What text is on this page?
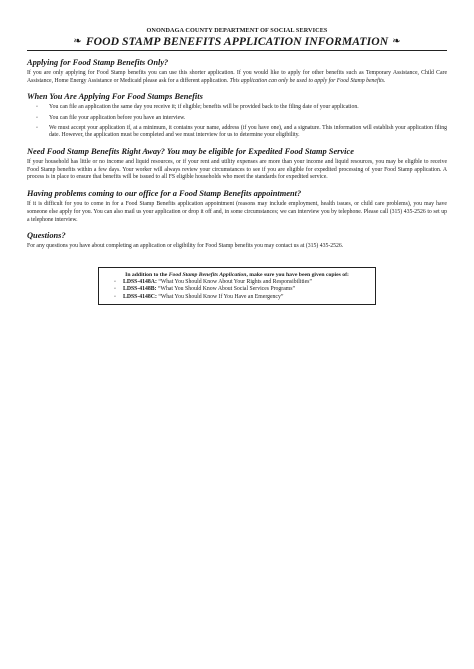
ONONDAGA COUNTY DEPARTMENT OF SOCIAL SERVICES
❧ FOOD STAMP BENEFITS APPLICATION INFORMATION ❧
Applying for Food Stamp Benefits Only?

If you are only applying for Food Stamp benefits you can use this shorter application. If you would like to apply for other benefits such as Temporary Assistance, Child Care Assistance, Home Energy Assistance or Medicaid please ask for a different application. This application can only be used to apply for Food Stamp benefits.

When You Are Applying For Food Stamps Benefits
◦ You can file an application the same day you receive it; if eligible; benefits will be provided back to the filing date of your application.
◦ You can file your application before you have an interview.
◦ We must accept your application if, at a minimum, it contains your name, address (if you have one), and a signature. This information will establish your application filing date. However, the application must be completed and we must interview for us to determine your eligibility.
Need Food Stamp Benefits Right Away? You may be eligible for Expedited Food Stamp Service

If your household has little or no income and liquid resources, or if your rent and utility expenses are more than your income and liquid resources, you may be eligible to receive Food Stamp benefits within a few days. Your worker will always review your circumstances to see if you are eligible for expedited processing of your Food Stamp application. A process is in place to ensure that benefits will be issued to all FS eligible households who meet the standards for expedited service.

Having problems coming to our office for a Food Stamp Benefits appointment?

If it is difficult for you to come in for a Food Stamp Benefits application appointment (reasons may include employment, health issues, or child care problems), you may have someone else apply for you. You can also mail us your application or drop it off and, in some circumstances; we can interview you by telephone. Please call (315) 435-2526 to set up a telephone interview.

Questions?

For any questions you have about completing an application or eligibility for Food Stamp benefits you may contact us at (315) 435-2526.

In addition to the Food Stamp Benefits Application, make sure you have been given copies of:
◦ LDSS-4148A: “What You Should Know About Your Rights and Responsibilities”
◦ LDSS-4148B: “What You Should Know About Social Services Programs”
◦ LDSS-4148C: “What You Should Know If You Have an Emergency”
